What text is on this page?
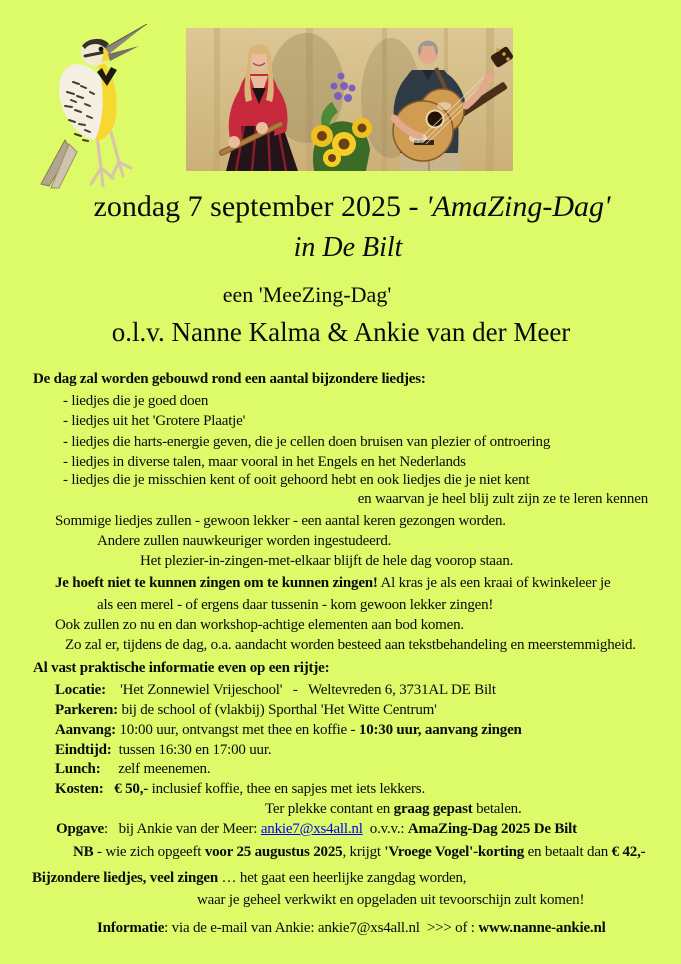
zondag 7 september 2025 - 'AmaZing-Dag'
in De Bilt
een 'MeeZing-Dag'
o.l.v. Nanne Kalma & Ankie van der Meer
De dag zal worden gebouwd rond een aantal bijzondere liedjes:
- liedjes die je goed doen
- liedjes uit het 'Grotere Plaatje'
- liedjes die harts-energie geven, die je cellen doen bruisen van plezier of ontroering
- liedjes in diverse talen, maar vooral in het Engels en het Nederlands
- liedjes die je misschien kent of ooit gehoord hebt en ook liedjes die je niet kent
en waarvan je heel blij zult zijn ze te leren kennen
Sommige liedjes zullen - gewoon lekker - een aantal keren gezongen worden.
Andere zullen nauwkeuriger worden ingestudeerd.
Het plezier-in-zingen-met-elkaar blijft de hele dag voorop staan.
Je hoeft niet te kunnen zingen om te kunnen zingen! Al kras je als een kraai of kwinkeleer je
als een merel - of ergens daar tussenin - kom gewoon lekker zingen!
Ook zullen zo nu en dan workshop-achtige elementen aan bod komen.
Zo zal er, tijdens de dag, o.a. aandacht worden besteed aan tekstbehandeling en meerstemmigheid.
Al vast praktische informatie even op een rijtje:
Locatie:    'Het Zonnewiel Vrijeschool'   -   Weltevreden 6, 3731AL DE Bilt
Parkeren: bij de school of (vlakbij) Sporthal 'Het Witte Centrum'
Aanvang: 10:00 uur, ontvangst met thee en koffie - 10:30 uur, aanvang zingen
Eindtijd:  tussen 16:30 en 17:00 uur.
Lunch:     zelf meenemen.
Kosten: € 50,- inclusief koffie, thee en sapjes met iets lekkers.
Ter plekke contant en graag gepast betalen.
Opgave:   bij Ankie van der Meer: ankie7@xs4all.nl  o.v.v.: AmaZing-Dag 2025 De Bilt
NB - wie zich opgeeft voor 25 augustus 2025, krijgt 'Vroege Vogel'-korting en betaalt dan € 42,-
Bijzondere liedjes, veel zingen … het gaat een heerlijke zangdag worden,
waar je geheel verkwikt en opgeladen uit tevoorschijn zult komen!
Informatie: via de e-mail van Ankie: ankie7@xs4all.nl  >>> of : www.nanne-ankie.nl
